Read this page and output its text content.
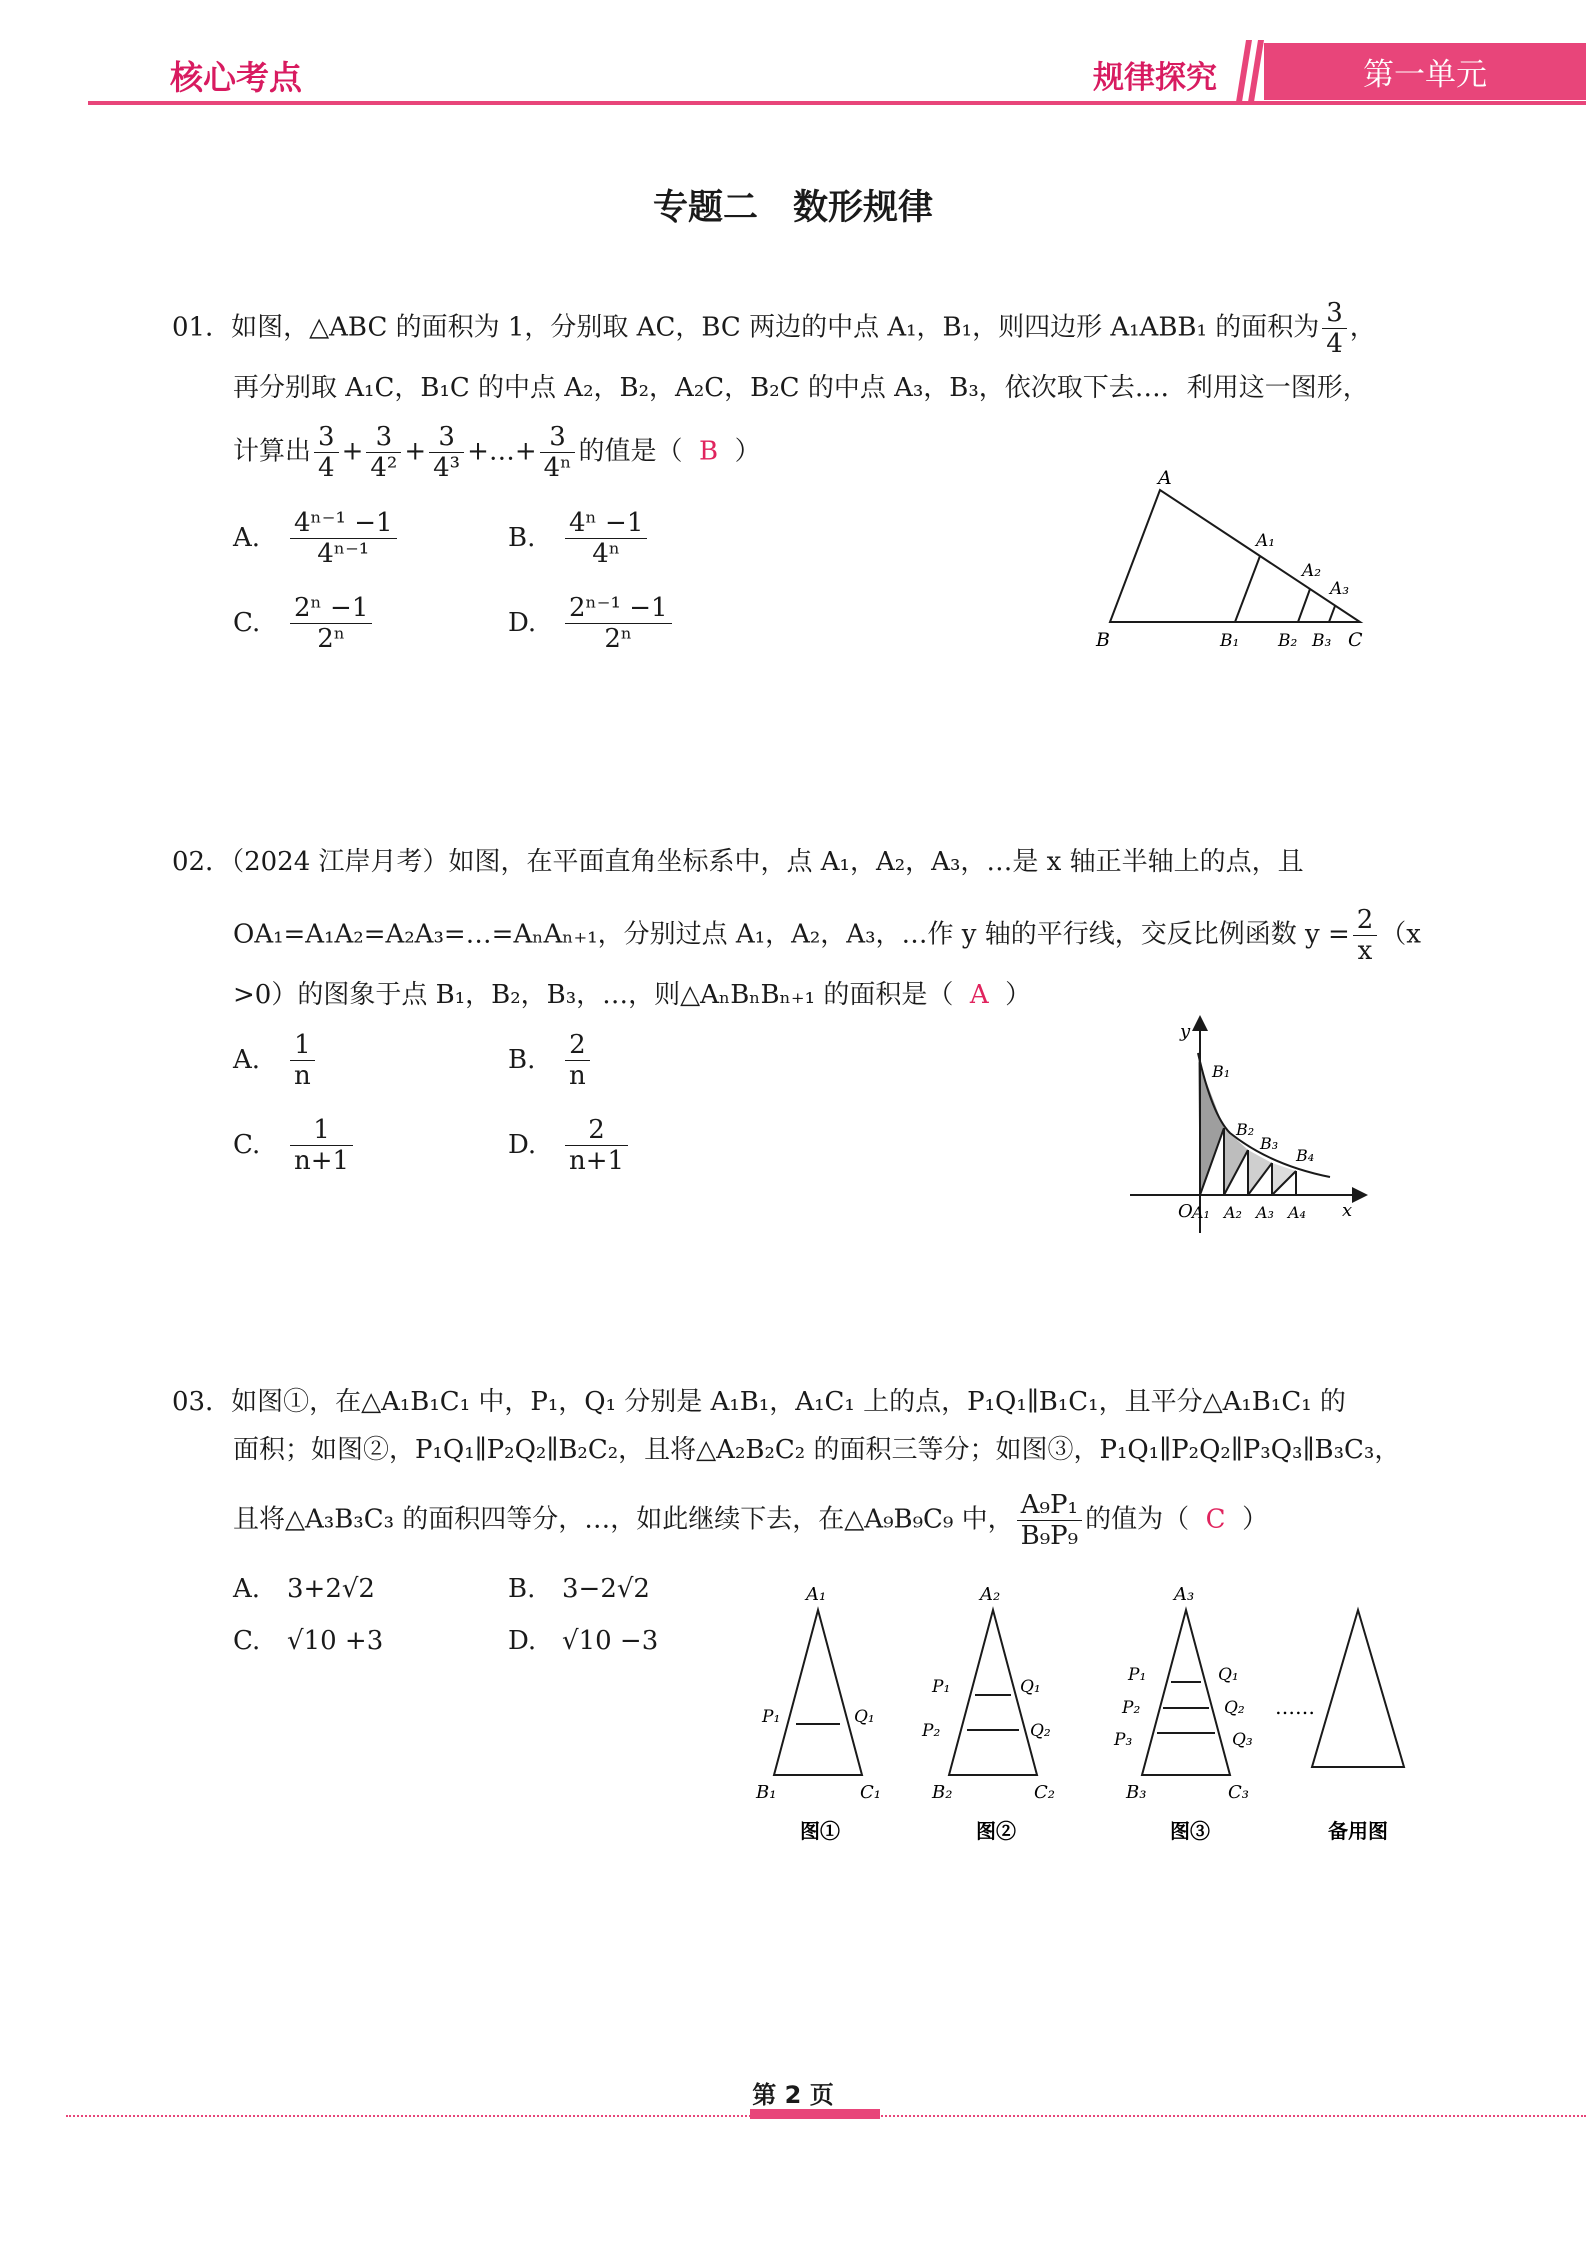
核心考点	规律探究	第一单元
专题二　数形规律
01．如图，△ABC 的面积为 1，分别取 AC，BC 两边的中点 A₁，B₁，则四边形 A₁ABB₁ 的面积为 $\frac{3}{4}$ ，
再分别取 A₁C，B₁C 的中点 A₂，B₂，A₂C，B₂C 的中点 A₃，B₃，依次取下去…．利用这一图形，
计算出 $\frac{3}{4} + \frac{3}{\text{4²}} + \frac{3}{\text{4³}}$ +…+ $\frac{3}{\text{4ⁿ}}$ 的值是（ B ）
A. $\frac{\text{4ⁿ⁻¹ −1}}{\text{4ⁿ⁻¹}}$	B. $\frac{\text{4ⁿ −1}}{\text{4ⁿ}}$
C. $\frac{\text{2ⁿ −1}}{\text{2ⁿ}}$	D. $\frac{\text{2ⁿ⁻¹ −1}}{\text{2ⁿ}}$
A
B	C
A₁
A₂
A₃
B₁ B₂ B₃
02．（2024 江岸月考）如图，在平面直角坐标系中，点 A₁，A₂，A₃，…是 x 轴正半轴上的点，且
OA₁=A₁A₂=A₂A₃=…=AₙAₙ₊₁，分别过点 A₁，A₂，A₃，…作 y 轴的平行线，交反比例函数 $y = \frac{2}{x} (x$
>0）的图象于点 B₁，B₂，B₃，…，则△AₙBₙBₙ₊₁ 的面积是（ A ）
A. $\frac{1}{n}$	B. $\frac{2}{n}$
C. $\frac{1}{n+1}$	D. $\frac{2}{n+1}$
y
x
O
B₁
B₂
B₃
B₄
A₁ A₂ A₃ A₄
03．如图①，在△A₁B₁C₁ 中，P₁，Q₁ 分别是 A₁B₁，A₁C₁ 上的点，P₁Q₁∥B₁C₁，且平分△A₁B₁C₁ 的
面积；如图②，P₁Q₁∥P₂Q₂∥B₂C₂，且将△A₂B₂C₂ 的面积三等分；如图③，P₁Q₁∥P₂Q₂∥P₃Q₃∥B₃C₃，
且将△A₃B₃C₃ 的面积四等分，…，如此继续下去，在△A₉B₉C₉ 中， $\frac{\text{A₉P₁}}{\text{B₉P₉}}$ 的值为（ C ）
A. 3+2√2	B. 3−2√2
C. √10 +3	D. √10 −3
A₁
B₁	C₁
P₁	Q₁
图①
A₂
B₂	C₂
P₁	Q₁
P₂	Q₂
图②
A₃
B₃	C₃
P₁	Q₁
P₂	Q₂
P₃	Q₃
图③
……
备用图
第 2 页
